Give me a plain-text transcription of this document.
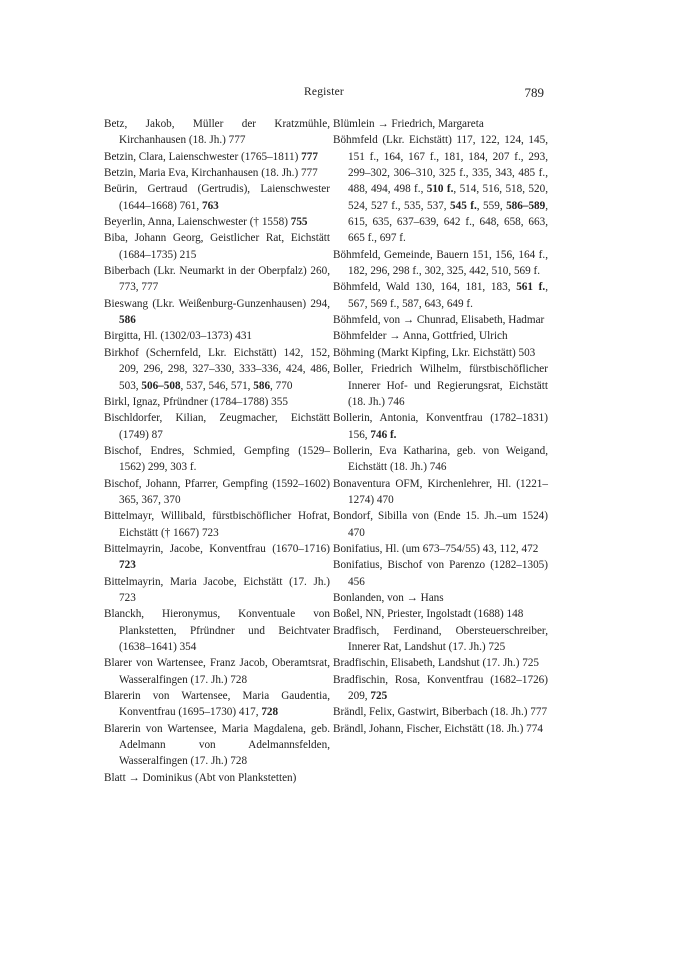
Register	789
Betz, Jakob, Müller der Kratzmühle, Kirchanhausen (18. Jh.) 777
Betzin, Clara, Laienschwester (1765–1811) 777
Betzin, Maria Eva, Kirchanhausen (18. Jh.) 777
Beürin, Gertraud (Gertrudis), Laienschwester (1644–1668) 761, 763
Beyerlin, Anna, Laienschwester († 1558) 755
Biba, Johann Georg, Geistlicher Rat, Eichstätt (1684–1735) 215
Biberbach (Lkr. Neumarkt in der Oberpfalz) 260, 773, 777
Bieswang (Lkr. Weißenburg-Gunzenhausen) 294, 586
Birgitta, Hl. (1302/03–1373) 431
Birkhof (Schernfeld, Lkr. Eichstätt) 142, 152, 209, 296, 298, 327–330, 333–336, 424, 486, 503, 506–508, 537, 546, 571, 586, 770
Birkl, Ignaz, Pfründner (1784–1788) 355
Bischldorfer, Kilian, Zeugmacher, Eichstätt (1749) 87
Bischof, Endres, Schmied, Gempfing (1529–1562) 299, 303 f.
Bischof, Johann, Pfarrer, Gempfing (1592–1602) 365, 367, 370
Bittelmayr, Willibald, fürstbischöflicher Hofrat, Eichstätt († 1667) 723
Bittelmayrin, Jacobe, Konventfrau (1670–1716) 723
Bittelmayrin, Maria Jacobe, Eichstätt (17. Jh.) 723
Blanckh, Hieronymus, Konventuale von Plankstetten, Pfründner und Beichtvater (1638–1641) 354
Blarer von Wartensee, Franz Jacob, Oberamtsrat, Wasseralfingen (17. Jh.) 728
Blarerin von Wartensee, Maria Gaudentia, Konventfrau (1695–1730) 417, 728
Blarerin von Wartensee, Maria Magdalena, geb. Adelmann von Adelmannsfelden, Wasseralfingen (17. Jh.) 728
Blatt → Dominikus (Abt von Plankstetten)
Blümlein → Friedrich, Margareta
Böhmfeld (Lkr. Eichstätt) 117, 122, 124, 145, 151 f., 164, 167 f., 181, 184, 207 f., 293, 299–302, 306–310, 325 f., 335, 343, 485 f., 488, 494, 498 f., 510 f., 514, 516, 518, 520, 524, 527 f., 535, 537, 545 f., 559, 586–589, 615, 635, 637–639, 642 f., 648, 658, 663, 665 f., 697 f.
Böhmfeld, Gemeinde, Bauern 151, 156, 164 f., 182, 296, 298 f., 302, 325, 442, 510, 569 f.
Böhmfeld, Wald 130, 164, 181, 183, 561 f., 567, 569 f., 587, 643, 649 f.
Böhmfeld, von → Chunrad, Elisabeth, Hadmar
Böhmfelder → Anna, Gottfried, Ulrich
Böhming (Markt Kipfing, Lkr. Eichstätt) 503
Boller, Friedrich Wilhelm, fürstbischöflicher Innerer Hof- und Regierungsrat, Eichstätt (18. Jh.) 746
Bollerin, Antonia, Konventfrau (1782–1831) 156, 746 f.
Bollerin, Eva Katharina, geb. von Weigand, Eichstätt (18. Jh.) 746
Bonaventura OFM, Kirchenlehrer, Hl. (1221–1274) 470
Bondorf, Sibilla von (Ende 15. Jh.–um 1524) 470
Bonifatius, Hl. (um 673–754/55) 43, 112, 472
Bonifatius, Bischof von Parenzo (1282–1305) 456
Bonlanden, von → Hans
Boßel, NN, Priester, Ingolstadt (1688) 148
Bradfisch, Ferdinand, Obersteuerschreiber, Innerer Rat, Landshut (17. Jh.) 725
Bradfischin, Elisabeth, Landshut (17. Jh.) 725
Bradfischin, Rosa, Konventfrau (1682–1726) 209, 725
Brändl, Felix, Gastwirt, Biberbach (18. Jh.) 777
Brändl, Johann, Fischer, Eichstätt (18. Jh.) 774
